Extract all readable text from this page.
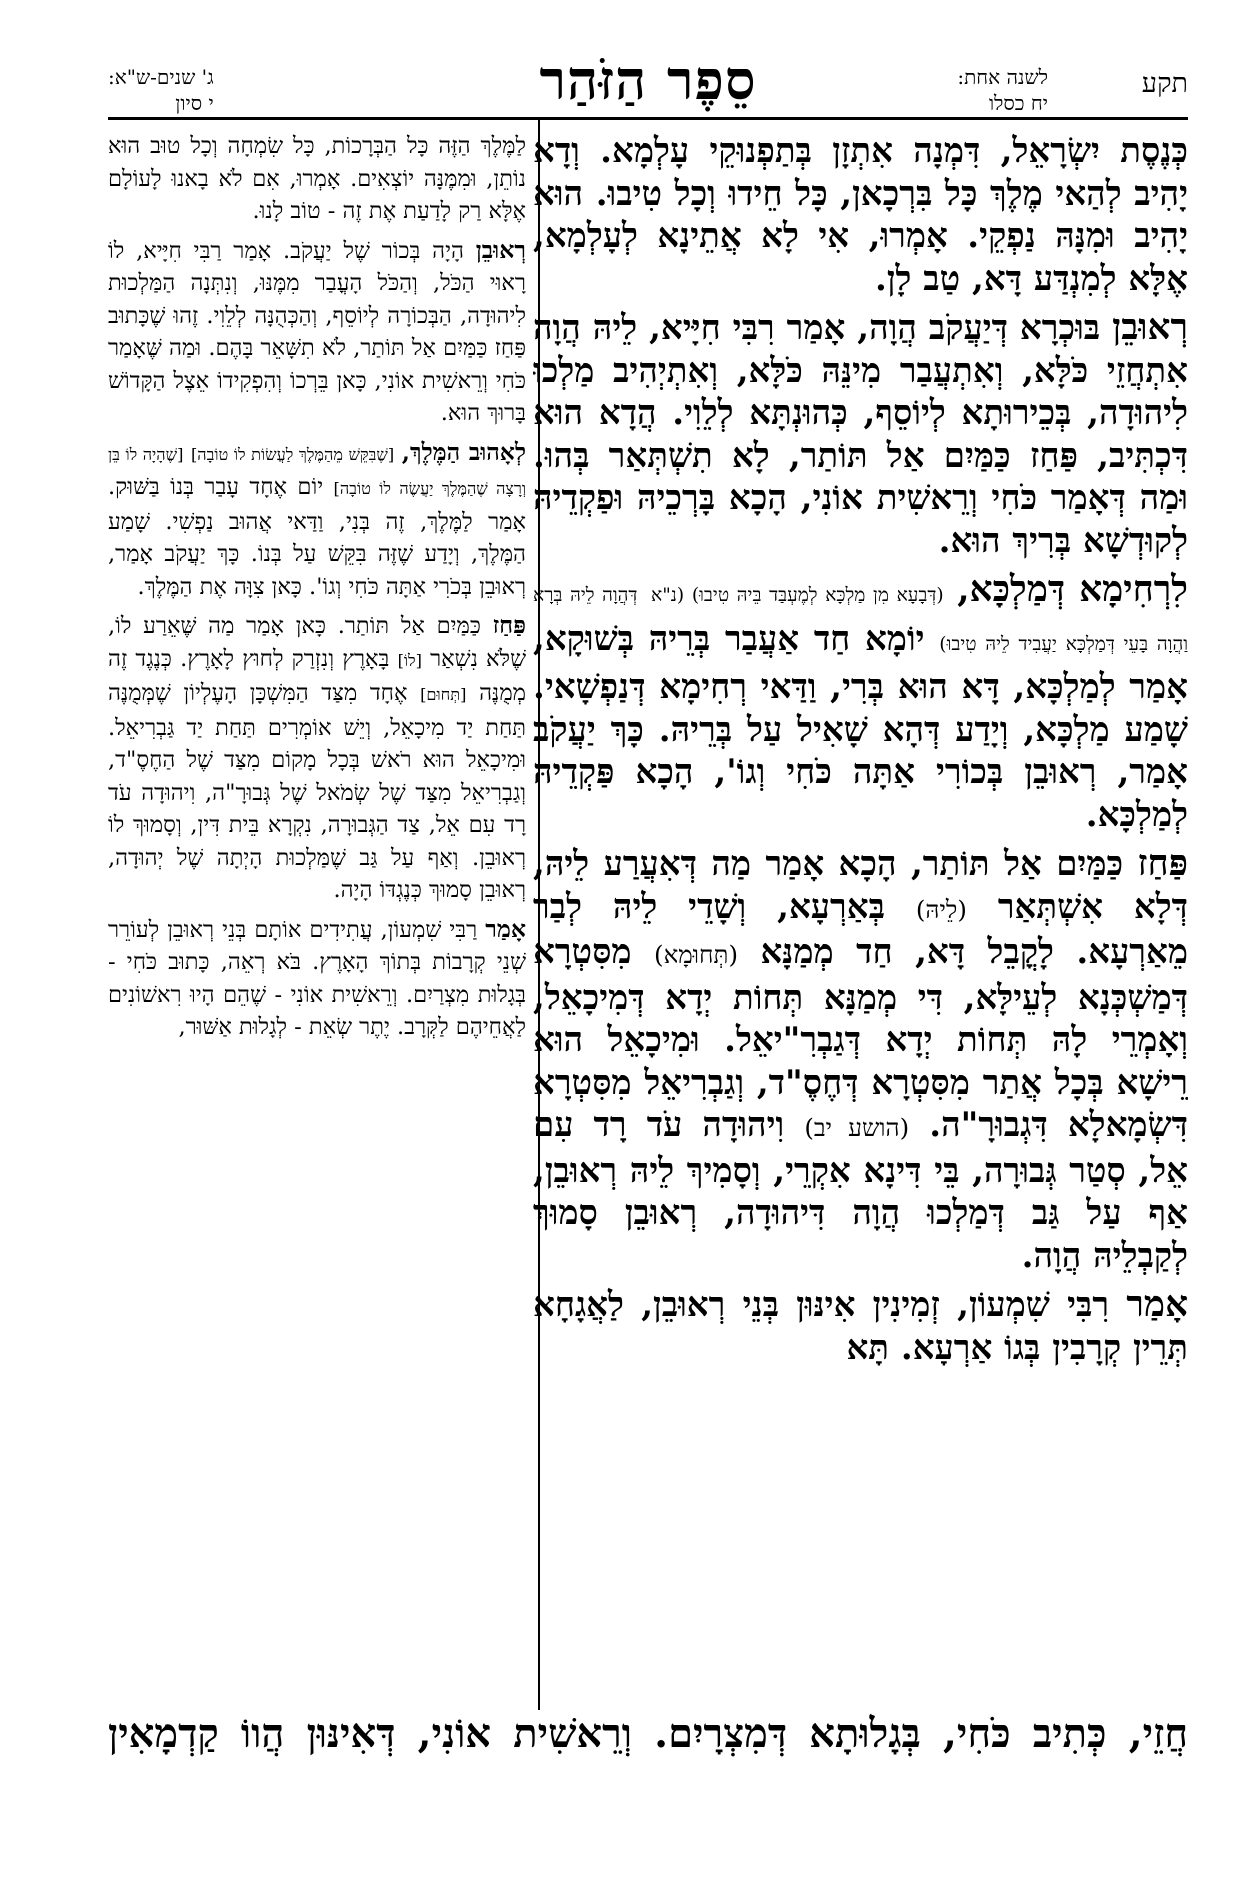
תקע
לשנה אחת:
יח כסלו
סֵפֶר הַזֹּהַר
ג' שנים-ש"א:
י סיון

כְּנֶסֶת יִשְׂרָאֵל, דִּמְנָה אִתְזָן בְּתַפְנוּקֵי עָלְמָא. וְדָא יָהִיב לְהַאי מֶלֶךְ כָּל בִּרְכָאן, כָּל חֵידוּ וְכָל טִיבוּ. הוּא יָהִיב וּמִנָּהּ נַפְקֵי. אָמְרוּ, אִי לָא אֲתֵינָא לְעָלְמָא, אֶלָּא לְמִנְדַּע דָּא, טַב לָן.

רְאוּבֵן בּוּכְרָא דְּיַעֲקֹב הֲוָה, אָמַר רִבִּי חִיָּיא, לֵיהּ הֲוָה אִתְחֲזֵי כֹּלָּא, וְאִתְעֲבַר מִינֵּהּ כֹּלָּא, וְאִתְיְהִיב מַלְכוּ לִיהוּדָה, בְּכֵירוּתָא לְיוֹסֵף, כְּהוּנְתָּא לְלֵוִי. הֲדָא הוּא דִּכְתִּיב, פַּחַז כַּמַּיִם אַל תּוֹתַר, לָא תִשְׁתְּאַר בְּהוּ. וּמַה דְּאָמַר כֹּחִי וְרֵאשִׁית אוֹנִי, הָכָא בָּרְכֵיהּ וּפַקְדֵיהּ לְקוּדְשָׁא בְּרִיךְ הוּא.

לִרְחִימָא דְּמַלְכָּא, (דְּבָעָא מִן מַלְכָּא לְמֶעְבַּד בֵּיהּ טִיבוּ) (נ"א דְּהֲוָה לֵיהּ בְּרָא וַהֲוָה בָּעֵי דְּמַלְכָּא יַעֲבִיד לֵיהּ טִיבוּ) יוֹמָא חַד אַעֲבַר בְּרֵיהּ בְּשׁוּקָא, אָמַר לְמַלְכָּא, דָּא הוּא בְּרִי, וַדַּאי רְחִימָא דְּנַפְשָׁאי. שָׁמַע מַלְכָּא, וְיָדַע דְּהָא שָׁאִיל עַל בְּרֵיהּ. כָּךְ יַעֲקֹב אָמַר, רְאוּבֵן בְּכוֹרִי אַתָּה כֹּחִי וְגוֹ', הָכָא פַּקְדֵיהּ לְמַלְכָּא.

פַּחַז כַּמַּיִם אַל תּוֹתַר, הָכָא אָמַר מַה דְּאִעֲרַע לֵיהּ, דְּלָא אִשְׁתְּאַר (לֵיהּ) בְּאַרְעָא, וְשָׁדֵי לֵיהּ לְבַר מֵאַרְעָא. לָקֳבֵל דָּא, חַד מְמַנָּא (תְּחוּמָא) מִסִּטְרָא דְּמַשְׁכְּנָא לְעֵילָּא, דִּי מְמַנָּא תְּחוֹת יְדָא דְּמִיכָאֵל, וְאָמְרֵי לָהּ תְּחוֹת יְדָא דְּגַבְרִ"יאֵל. וּמִיכָאֵל הוּא רֵישָׁא בְּכָל אֲתַר מִסִּטְרָא דְּחֶסֶ"ד, וְגַבְרִיאֵל מִסִּטְרָא דִּשְׂמָאלָא דִּגְבוּרָ"ה. (הושע יב) וִיהוּדָה עֹד רָד עִם אֵל, סְטַר גְּבוּרָה, בֵּי דִּינָא אִקְרֵי, וְסָמִיךְ לֵיהּ רְאוּבֵן, אַף עַל גַּב דְּמַלְכוּ הֲוָה דִּיהוּדָה, רְאוּבֵן סָמוּךְ לְקַבְלֵיהּ הֲוָה.

אָמַר רִבִּי שִׁמְעוֹן, זְמִינִין אִינּוּן בְּנֵי רְאוּבֵן, לַאֲגָחָא תְּרֵין קְרָבִין בְּגוֹ אַרְעָא. תָּא

לַמֶּלֶךְ הַזֶּה כָּל הַבְּרָכוֹת, כָּל שִׂמְחָה וְכָל טוּב הוּא נוֹתֵן, וּמִמֶּנָּה יוֹצְאִים. אָמְרוּ, אִם לֹא בָאנוּ לָעוֹלָם אֶלָּא רַק לָדַעַת אֶת זֶה - טוֹב לָנוּ.

רְאוּבֵן הָיָה בְּכוֹר שֶׁל יַעֲקֹב. אָמַר רַבִּי חִיָּיא, לוֹ רָאוּי הַכֹּל, וְהַכֹּל הָעֳבַר מִמֶּנּוּ, וְנִתְּנָה הַמַּלְכוּת לִיהוּדָה, הַבְּכוֹרָה לְיוֹסֵף, וְהַכְּהֻנָּה לְלֵוִי. זֶהוּ שֶׁכָּתוּב פַּחַז כַּמַּיִם אַל תּוֹתַר, לֹא תִשָּׁאֵר בָּהֶם. וּמַה שֶּׁאָמַר כֹּחִי וְרֵאשִׁית אוֹנִי, כָּאן בֵּרְכוֹ וְהִפְקִידוֹ אֵצֶל הַקָּדוֹשׁ בָּרוּךְ הוּא.

לְאָהוּב הַמֶּלֶךְ, [שֶׁבִּקֵּשׁ מֵהַמֶּלֶךְ לַעֲשׂוֹת לוֹ טוֹבָה] [שֶׁהָיָה לוֹ בֵּן וְרָצָה שֶׁהַמֶּלֶךְ יַעֲשֶׂה לוֹ טוֹבָה] יוֹם אֶחָד עָבַר בְּנוֹ בַּשּׁוּק. אָמַר לַמֶּלֶךְ, זֶה בְּנִי, וַדַּאי אֲהוּב נַפְשִׁי. שָׁמַע הַמֶּלֶךְ, וְיָדַע שֶׁזֶּה בִּקֵּשׁ עַל בְּנוֹ. כָּךְ יַעֲקֹב אָמַר, רְאוּבֵן בְּכֹרִי אַתָּה כֹּחִי וְגוֹ'. כָּאן צִוָּה אֶת הַמֶּלֶךְ.

פַּחַז כַּמַּיִם אַל תּוֹתַר. כָּאן אָמַר מַה שֶּׁאֵרַע לוֹ, שֶׁלֹּא נִשְׁאַר [לוֹ] בָּאָרֶץ וְנִזְרַק לְחוּץ לָאָרֶץ. כְּנֶגֶד זֶה מְמֻנֶּה [תְּחוּם] אֶחָד מִצַּד הַמִּשְׁכָּן הָעֶלְיוֹן שֶׁמְּמֻנֶּה תַּחַת יַד מִיכָאֵל, וְיֵשׁ אוֹמְרִים תַּחַת יַד גַּבְרִיאֵל. וּמִיכָאֵל הוּא רֹאשׁ בְּכָל מָקוֹם מִצַּד שֶׁל הַחֶסֶ"ד, וְגַבְרִיאֵל מִצַּד שֶׁל שְׂמֹאל שֶׁל גְּבוּרָ"ה, וִיהוּדָה עֹד רָד עִם אֵל, צַד הַגְּבוּרָה, נִקְרָא בֵּית דִּין, וְסָמוּךְ לוֹ רְאוּבֵן. וְאַף עַל גַּב שֶׁמַּלְכוּת הָיְתָה שֶׁל יְהוּדָה, רְאוּבֵן סָמוּךְ כְּנֶגְדּוֹ הָיָה.

אָמַר רַבִּי שִׁמְעוֹן, עֲתִידִים אוֹתָם בְּנֵי רְאוּבֵן לְעוֹרֵר שְׁנֵי קְרָבוֹת בְּתוֹךְ הָאָרֶץ. בֹּא רְאֵה, כָּתוּב כֹּחִי - בְּגָלוּת מִצְרַיִם. וְרֵאשִׁית אוֹנִי - שֶׁהֵם הָיוּ רִאשׁוֹנִים לַאֲחֵיהֶם לַקְּרָב. יֶתֶר שְׂאֵת - לְגָלוּת אַשּׁוּר,

חֲזֵי, כְּתִיב כֹּחִי, בְּגָלוּתָא דְּמִצְרָיִם. וְרֵאשִׁית אוֹנִי, דְּאִינּוּן הֲווֹ קַדְמָאִין
